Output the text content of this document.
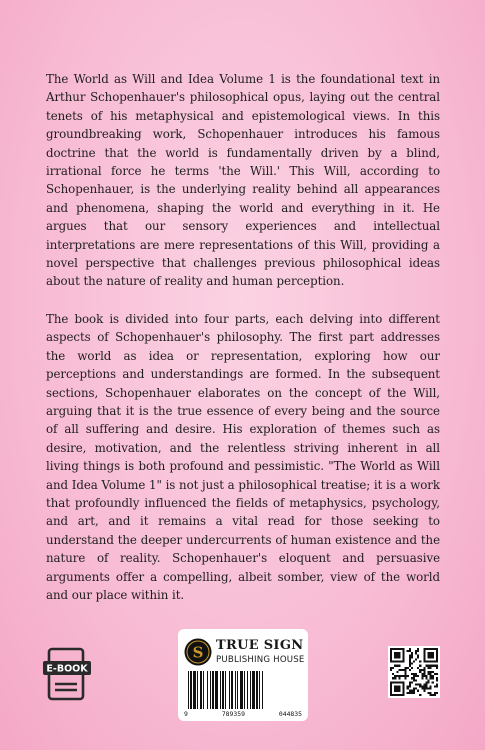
The World as Will and Idea Volume 1 is the foundational text in Arthur Schopenhauer's philosophical opus, laying out the central tenets of his metaphysical and epistemological views. In this groundbreaking work, Schopenhauer introduces his famous doctrine that the world is fundamentally driven by a blind, irrational force he terms 'the Will.' This Will, according to Schopenhauer, is the underlying reality behind all appearances and phenomena, shaping the world and everything in it. He argues that our sensory experiences and intellectual interpretations are mere representations of this Will, providing a novel perspective that challenges previous philosophical ideas about the nature of reality and human perception.

The book is divided into four parts, each delving into different aspects of Schopenhauer's philosophy. The first part addresses the world as idea or representation, exploring how our perceptions and understandings are formed. In the subsequent sections, Schopenhauer elaborates on the concept of the Will, arguing that it is the true essence of every being and the source of all suffering and desire. His exploration of themes such as desire, motivation, and the relentless striving inherent in all living things is both profound and pessimistic. "The World as Will and Idea Volume 1" is not just a philosophical treatise; it is a work that profoundly influenced the fields of metaphysics, psychology, and art, and it remains a vital read for those seeking to understand the deeper undercurrents of human existence and the nature of reality. Schopenhauer's eloquent and persuasive arguments offer a compelling, albeit somber, view of the world and our place within it.

E-BOOK
S TRUE SIGN
PUBLISHING HOUSE
9	789359	044835
